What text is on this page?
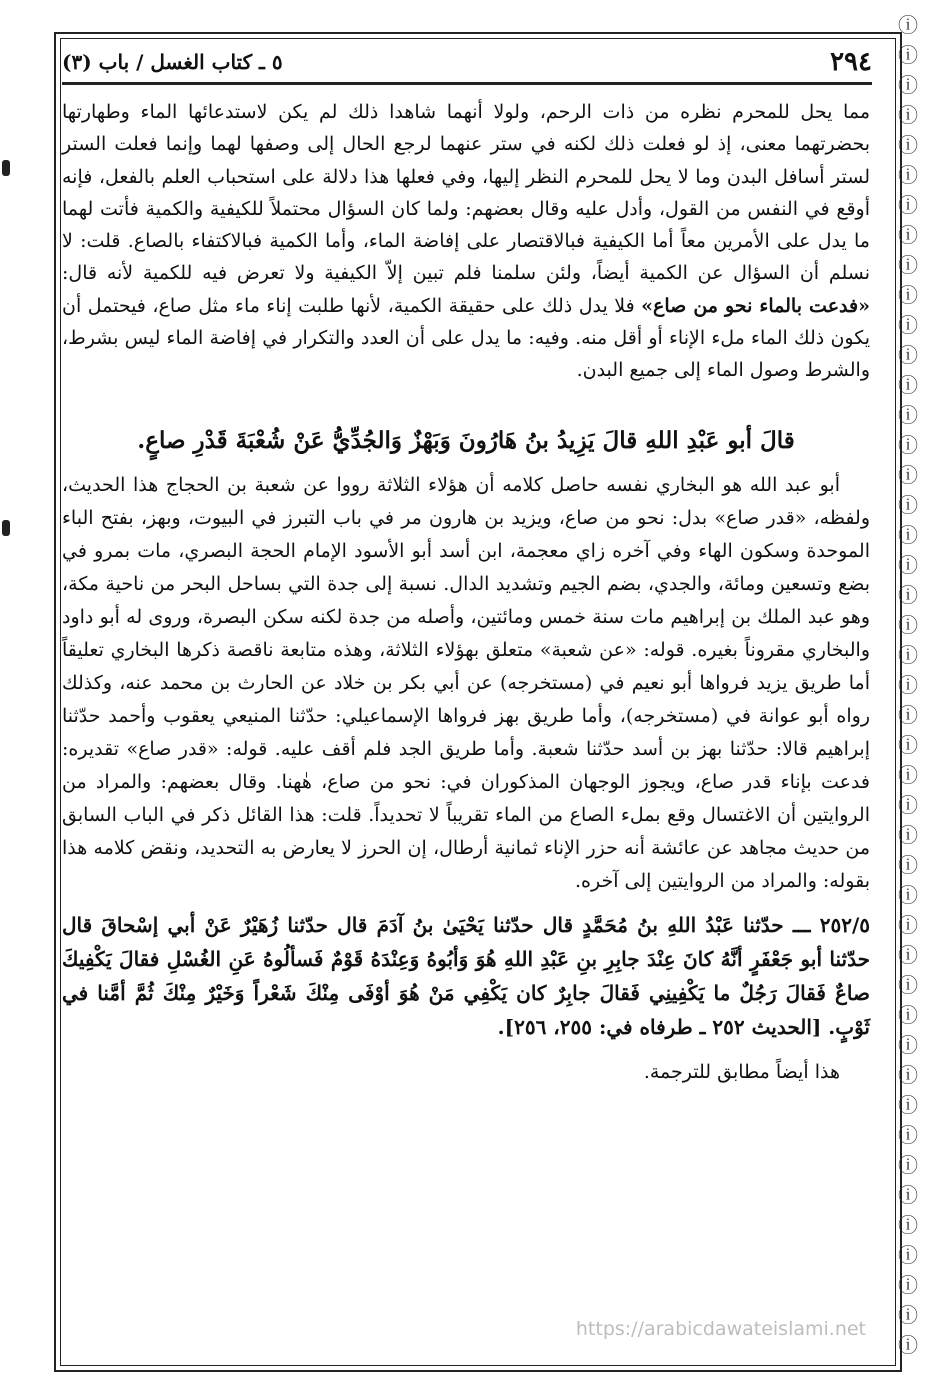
ⓘ
ⓘ
ⓘ
ⓘ
ⓘ
ⓘ
ⓘ
ⓘ
ⓘ
ⓘ
ⓘ
ⓘ
ⓘ
ⓘ
ⓘ
ⓘ
ⓘ
ⓘ
ⓘ
ⓘ
ⓘ
ⓘ
ⓘ
ⓘ
ⓘ
ⓘ
ⓘ
ⓘ
ⓘ
ⓘ
ⓘ
ⓘ
ⓘ
ⓘ
ⓘ
ⓘ
ⓘ
ⓘ
ⓘ
ⓘ
ⓘ
ⓘ
ⓘ
ⓘ
ⓘ
٢٩٤
٥ ـ كتاب الغسل / باب (٣)

مما يحل للمحرم نظره من ذات الرحم، ولولا أنهما شاهدا ذلك لم يكن لاستدعائها الماء وطهارتها بحضرتهما معنى، إذ لو فعلت ذلك لكنه في ستر عنهما لرجع الحال إلى وصفها لهما وإنما فعلت الستر لستر أسافل البدن وما لا يحل للمحرم النظر إليها، وفي فعلها هذا دلالة على استحباب العلم بالفعل، فإنه أوقع في النفس من القول، وأدل عليه وقال بعضهم: ولما كان السؤال محتملاً للكيفية والكمية فأتت لهما ما يدل على الأمرين معاً أما الكيفية فبالاقتصار على إفاضة الماء، وأما الكمية فبالاكتفاء بالصاع. قلت: لا نسلم أن السؤال عن الكمية أيضاً، ولئن سلمنا فلم تبين إلاّ الكيفية ولا تعرض فيه للكمية لأنه قال: «فدعت بالماء نحو من صاع» فلا يدل ذلك على حقيقة الكمية، لأنها طلبت إناء ماء مثل صاع، فيحتمل أن يكون ذلك الماء ملء الإناء أو أقل منه. وفيه: ما يدل على أن العدد والتكرار في إفاضة الماء ليس بشرط، والشرط وصول الماء إلى جميع البدن.

قالَ أبو عَبْدِ اللهِ قالَ يَزِيدُ بنُ هَارُونَ وَبَهْزٌ وَالجُدِّيُّ عَنْ شُعْبَةَ قَدْرِ صاعٍ.

أبو عبد الله هو البخاري نفسه حاصل كلامه أن هؤلاء الثلاثة رووا عن شعبة بن الحجاج هذا الحديث، ولفظه، «قدر صاع» بدل: نحو من صاع، ويزيد بن هارون مر في باب التبرز في البيوت، وبهز، بفتح الباء الموحدة وسكون الهاء وفي آخره زاي معجمة، ابن أسد أبو الأسود الإمام الحجة البصري، مات بمرو في بضع وتسعين ومائة، والجدي، بضم الجيم وتشديد الدال. نسبة إلى جدة التي بساحل البحر من ناحية مكة، وهو عبد الملك بن إبراهيم مات سنة خمس ومائتين، وأصله من جدة لكنه سكن البصرة، وروى له أبو داود والبخاري مقروناً بغيره. قوله: «عن شعبة» متعلق بهؤلاء الثلاثة، وهذه متابعة ناقصة ذكرها البخاري تعليقاً أما طريق يزيد فرواها أبو نعيم في (مستخرجه) عن أبي بكر بن خلاد عن الحارث بن محمد عنه، وكذلك رواه أبو عوانة في (مستخرجه)، وأما طريق بهز فرواها الإسماعيلي: حدّثنا المنيعي يعقوب وأحمد حدّثنا إبراهيم قالا: حدّثنا بهز بن أسد حدّثنا شعبة. وأما طريق الجد فلم أقف عليه. قوله: «قدر صاع» تقديره: فدعت بإناء قدر صاع، ويجوز الوجهان المذكوران في: نحو من صاع، هٰهنا. وقال بعضهم: والمراد من الروايتين أن الاغتسال وقع بملء الصاع من الماء تقريباً لا تحديداً. قلت: هذا القائل ذكر في الباب السابق من حديث مجاهد عن عائشة أنه حزر الإناء ثمانية أرطال، إن الحرز لا يعارض به التحديد، ونقض كلامه هذا بقوله: والمراد من الروايتين إلى آخره.

٢٥٢/٥ ـــ حدّثنا عَبْدُ اللهِ بنُ مُحَمَّدٍ قال حدّثنا يَحْيَىٰ بنُ آدَمَ قال حدّثنا زُهَيْرٌ عَنْ أبي إسْحاقَ قال حدّثنا أبو جَعْفَرٍ أنَّهُ كانَ عِنْدَ جابِرِ بنِ عَبْدِ اللهِ هُوَ وَأبُوهُ وَعِنْدَهُ قَوْمٌ فَسألُوهُ عَنِ الغُسْلِ فقالَ يَكْفِيكَ صاعٌ فَقالَ رَجُلٌ ما يَكْفِينِي فَقالَ جابِرٌ كان يَكْفِي مَنْ هُوَ أوْفَى مِنْكَ شَعْراً وَخَيْرٌ مِنْكَ ثُمَّ أمَّنا في ثَوْبٍ. [الحديث ٢٥٢ ـ طرفاه في: ٢٥٥، ٢٥٦].

هذا أيضاً مطابق للترجمة.

https://arabicdawateislami.net
